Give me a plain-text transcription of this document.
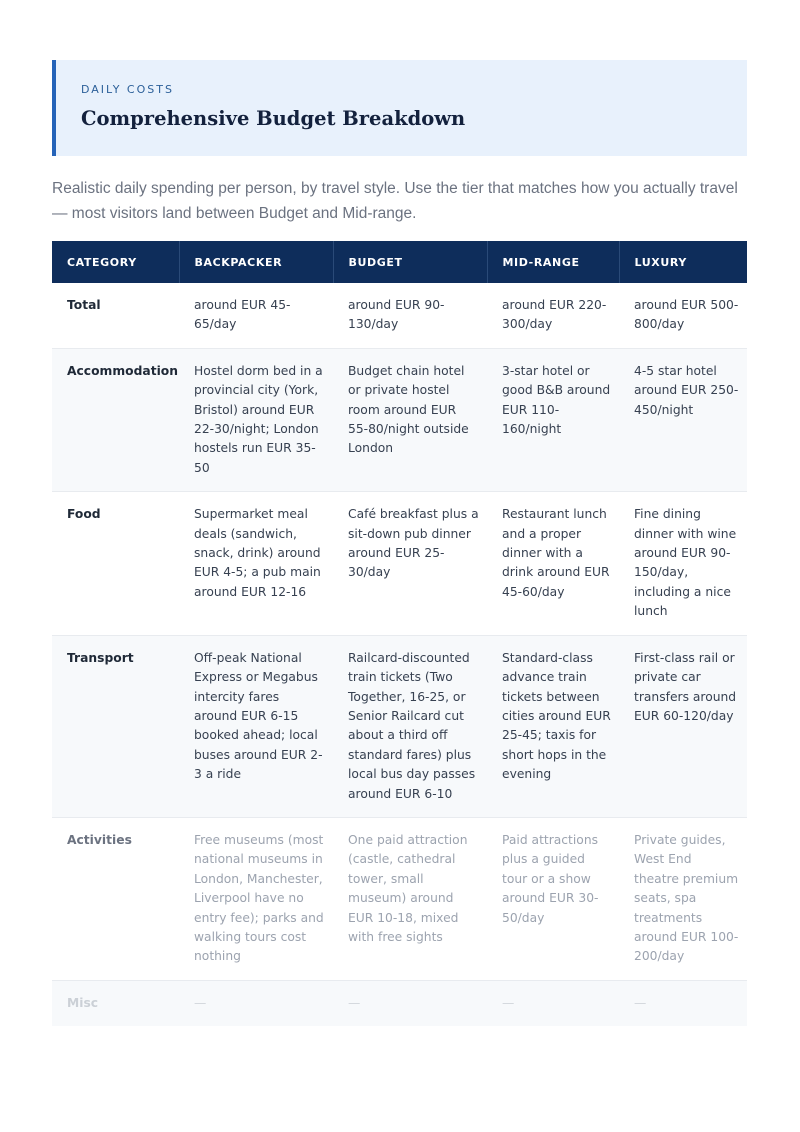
DAILY COSTS
Comprehensive Budget Breakdown

Realistic daily spending per person, by travel style. Use the tier that matches how you actually travel — most visitors land between Budget and Mid-range.

CATEGORY	BACKPACKER	BUDGET	MID-RANGE	LUXURY
Total	around EUR 45-65/day	around EUR 90-130/day	around EUR 220-300/day	around EUR 500-800/day
Accommodation	Hostel dorm bed in a provincial city (York, Bristol) around EUR 22-30/night; London hostels run EUR 35-50	Budget chain hotel or private hostel room around EUR 55-80/night outside London	3-star hotel or good B&B around EUR 110-160/night	4-5 star hotel around EUR 250-450/night
Food	Supermarket meal deals (sandwich, snack, drink) around EUR 4-5; a pub main around EUR 12-16	Café breakfast plus a sit-down pub dinner around EUR 25-30/day	Restaurant lunch and a proper dinner with a drink around EUR 45-60/day	Fine dining dinner with wine around EUR 90-150/day, including a nice lunch
Transport	Off-peak National Express or Megabus intercity fares around EUR 6-15 booked ahead; local buses around EUR 2-3 a ride	Railcard-discounted train tickets (Two Together, 16-25, or Senior Railcard cut about a third off standard fares) plus local bus day passes around EUR 6-10	Standard-class advance train tickets between cities around EUR 25-45; taxis for short hops in the evening	First-class rail or private car transfers around EUR 60-120/day
Activities	Free museums (most national museums in London, Manchester, Liverpool have no entry fee); parks and walking tours cost nothing	One paid attraction (castle, cathedral tower, small museum) around EUR 10-18, mixed with free sights	Paid attractions plus a guided tour or a show around EUR 30-50/day	Private guides, West End theatre premium seats, spa treatments around EUR 100-200/day
Misc	—	—	—	—
